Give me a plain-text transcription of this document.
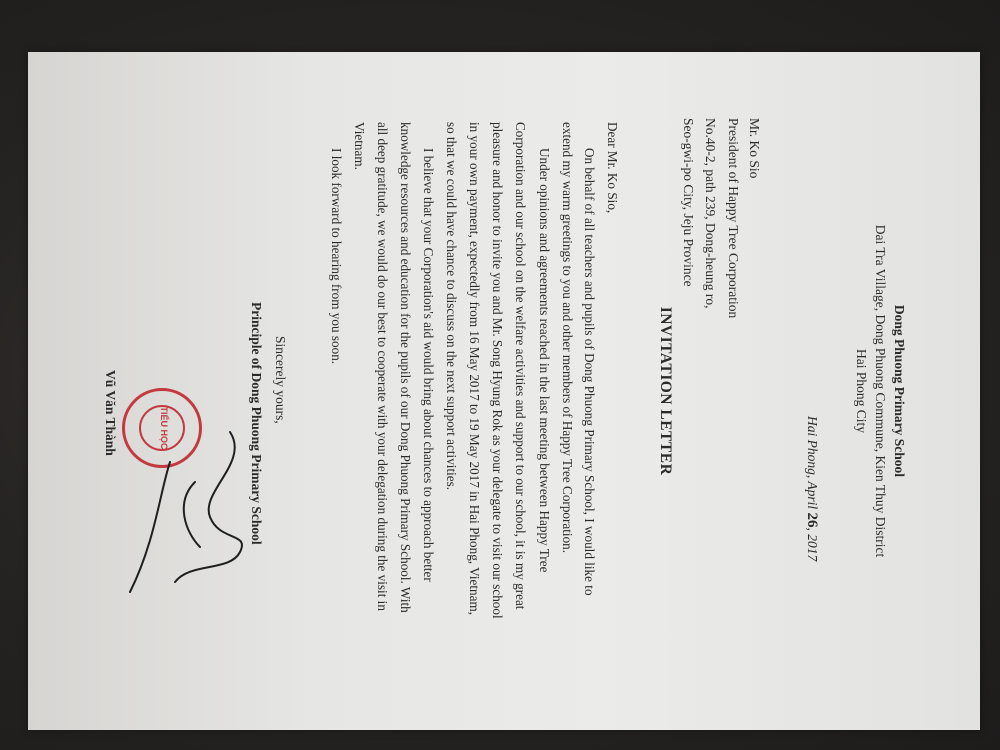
Dong Phuong Primary School
Dai Tra Village, Dong Phuong Commune, Kien Thuy District
Hai Phong City
Hai Phong, April 26, 2017
Mr. Ko Sio
President of Happy Tree Corporation
No.40-2, path 239, Dong-heung ro,
Seo-gwi-po City, Jeju Province
INVITATION LETTER
Dear Mr. Ko Sio,
On behalf of all teachers and pupils of Dong Phuong Primary School, I would like to
extend my warm greetings to you and other members of Happy Tree Corporation.
Under opinions and agreements reached in the last meeting between Happy Tree
Corporation and our school on the welfare activities and support to our school, it is my great
pleasure and honor to invite you and Mr. Song Hyung Rok as your delegate to visit our school
in your own payment, expectedly from 16 May 2017 to 19 May 2017 in Hai Phong, Vietnam,
so that we could have chance to discuss on the next support activities.
I believe that your Corporation's aid would bring about chances to approach better
knowledge resources and education for the pupils of our Dong Phuong Primary School. With
all deep gratitude, we would do our best to cooperate with your delegation during the visit in
Vietnam.
I look forward to hearing from you soon.
Sincerely yours,
Principle of Dong Phuong Primary School
TIỂU HỌC
Vũ Văn Thành
